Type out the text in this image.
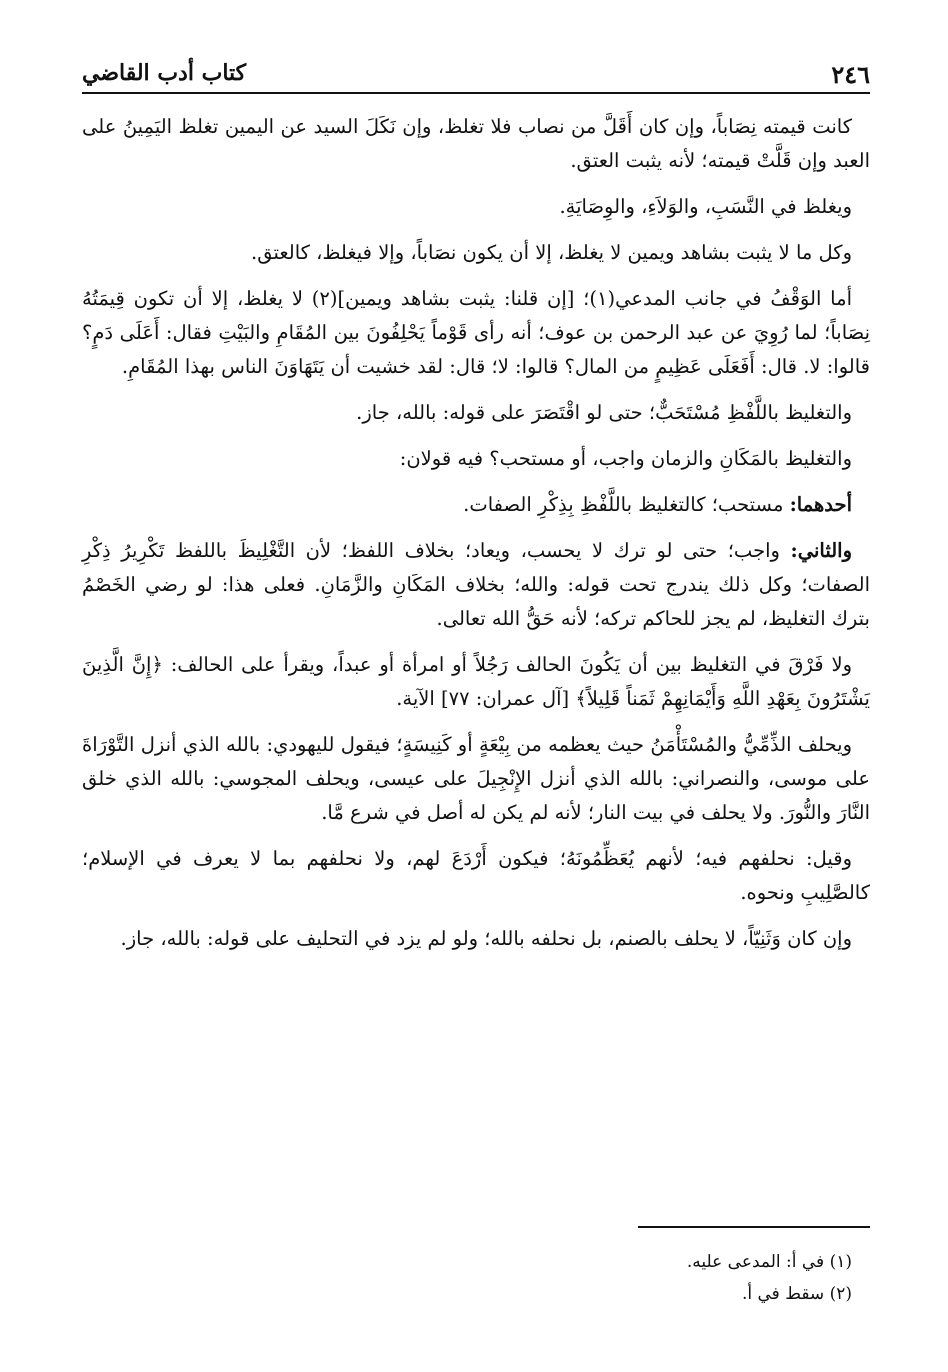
٢٤٦
كتاب أدب القاضي

كانت قيمته نِصَاباً، وإن كان أَقَلَّ من نصاب فلا تغلظ، وإن نَكَلَ السيد عن اليمين تغلظ اليَمِينُ على العبد وإن قَلَّتْ قيمته؛ لأنه يثبت العتق.

ويغلظ في النَّسَبِ، والوَلاَءِ، والوِصَايَةِ.

وكل ما لا يثبت بشاهد ويمين لا يغلظ، إلا أن يكون نصَاباً، وإلا فيغلظ، كالعتق.

أما الوَقْفُ في جانب المدعي(١)؛ [إن قلنا: يثبت بشاهد ويمين](٢) لا يغلظ، إلا أن تكون قِيمَتُهُ نِصَاباً؛ لما رُوِيَ عن عبد الرحمن بن عوف؛ أنه رأى قَوْماً يَحْلِفُونَ بين المُقَامِ والبَيْتِ فقال: أَعَلَى دَمٍ؟ قالوا: لا. قال: أَفَعَلَى عَظِيمٍ من المال؟ قالوا: لا؛ قال: لقد خشيت أن يَتَهَاوَنَ الناس بهذا المُقَامِ.

والتغليظ باللَّفْظِ مُسْتَحَبٌّ؛ حتى لو اقْتَصَرَ على قوله: بالله، جاز.

والتغليظ بالمَكَانِ والزمان واجب، أو مستحب؟ فيه قولان:

أحدهما: مستحب؛ كالتغليظ باللَّفْظِ بِذِكْرِ الصفات.

والثاني: واجب؛ حتى لو ترك لا يحسب، ويعاد؛ بخلاف اللفظ؛ لأن التَّغْلِيظَ باللفظ تَكْرِيرُ ذِكْرِ الصفات؛ وكل ذلك يندرج تحت قوله: والله؛ بخلاف المَكَانِ والزَّمَانِ. فعلى هذا: لو رضي الخَصْمُ بترك التغليظ، لم يجز للحاكم تركه؛ لأنه حَقُّ الله تعالى.

ولا فَرْقَ في التغليظ بين أن يَكُونَ الحالف رَجُلاً أو امرأة أو عبداً، ويقرأ على الحالف: ﴿إِنَّ الَّذِينَ يَشْتَرُونَ بِعَهْدِ اللَّهِ وَأَيْمَانِهِمْ ثَمَناً قَلِيلاً﴾ [آل عمران: ٧٧] الآية.

ويحلف الذِّمِّيُّ والمُسْتَأْمَنُ حيث يعظمه من بِيْعَةٍ أو كَنِيسَةٍ؛ فيقول لليهودي: بالله الذي أنزل التَّوْرَاةَ على موسى، والنصراني: بالله الذي أنزل الإِنْجِيلَ على عيسى، ويحلف المجوسي: بالله الذي خلق النَّارَ والنُّورَ. ولا يحلف في بيت النار؛ لأنه لم يكن له أصل في شرع مَّا.

وقيل: نحلفهم فيه؛ لأنهم يُعَظِّمُونَهُ؛ فيكون أَرْدَعَ لهم، ولا نحلفهم بما لا يعرف في الإسلام؛ كالصَّلِيبِ ونحوه.

وإن كان وَثَنِيّاً، لا يحلف بالصنم، بل نحلفه بالله؛ ولو لم يزد في التحليف على قوله: بالله، جاز.

(١) في أ: المدعى عليه.

(٢) سقط في أ.
